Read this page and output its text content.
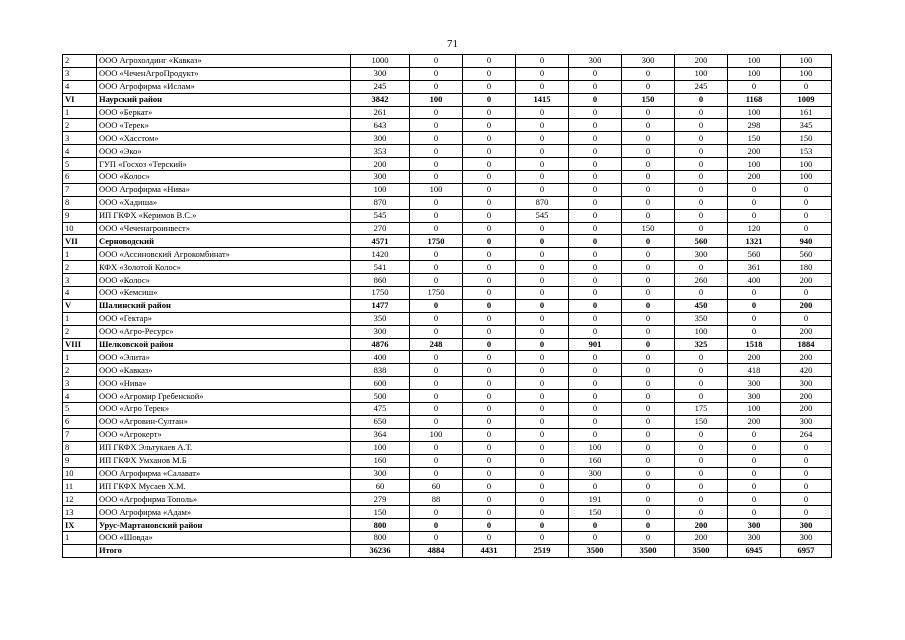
71
2	ООО Агрохолдинг «Кавказ»	1000	0	0	0	300	300	200	100	100
3	ООО «ЧеченАгроПродукт»	300	0	0	0	0	0	100	100	100
4	ООО Агрофирма «Ислам»	245	0	0	0	0	0	245	0	0
VI	Наурский район	3842	100	0	1415	0	150	0	1168	1009
1	ООО «Беркат»	261	0	0	0	0	0	0	100	161
2	ООО «Терек»	643	0	0	0	0	0	0	298	345
3	ООО «Хасстом»	300	0	0	0	0	0	0	150	150
4	ООО «Эко»	353	0	0	0	0	0	0	200	153
5	ГУП «Госхоз «Терский»	200	0	0	0	0	0	0	100	100
6	ООО «Колос»	300	0	0	0	0	0	0	200	100
7	ООО Агрофирма «Нива»	100	100	0	0	0	0	0	0	0
8	ООО «Хадиша»	870	0	0	870	0	0	0	0	0
9	ИП ГКФХ «Керимов В.С.»	545	0	0	545	0	0	0	0	0
10	ООО «Чеченагроинвест»	270	0	0	0	0	150	0	120	0
VII	Серноводский	4571	1750	0	0	0	0	560	1321	940
1	ООО «Ассиновский Агрокомбинат»	1420	0	0	0	0	0	300	560	560
2	КФХ «Золотой Колос»	541	0	0	0	0	0	0	361	180
3	ООО «Колос»	860	0	0	0	0	0	260	400	200
4	ООО «Кемсиш»	1750	1750	0	0	0	0	0	0	0
V	Шалинский район	1477	0	0	0	0	0	450	0	200
1	ООО «Гектар»	350	0	0	0	0	0	350	0	0
2	ООО «Агро-Ресурс»	300	0	0	0	0	0	100	0	200
VIII	Шелковской район	4876	248	0	0	901	0	325	1518	1884
1	ООО «Элита»	400	0	0	0	0	0	0	200	200
2	ООО «Кавказ»	838	0	0	0	0	0	0	418	420
3	ООО «Нива»	600	0	0	0	0	0	0	300	300
4	ООО «Агромир Гребенской»	500	0	0	0	0	0	0	300	200
5	ООО «Агро Терек»	475	0	0	0	0	0	175	100	200
6	ООО «Агровин-Султан»	650	0	0	0	0	0	150	200	300
7	ООО «Агрокерт»	364	100	0	0	0	0	0	0	264
8	ИП ГКФХ Эльтукаев А.Т.	100	0	0	0	100	0	0	0	0
9	ИП ГКФХ Умханов М.Б	160	0	0	0	160	0	0	0	0
10	ООО Агрофирма «Салават»	300	0	0	0	300	0	0	0	0
11	ИП ГКФХ Мусаев Х.М.	60	60	0	0	0	0	0	0	0
12	ООО «Агрофирма Тополь»	279	88	0	0	191	0	0	0	0
13	ООО Агрофирма «Адам»	150	0	0	0	150	0	0	0	0
IX	Урус-Мартановский район	800	0	0	0	0	0	200	300	300
1	ООО «Шовда»	800	0	0	0	0	0	200	300	300
	Итого	36236	4884	4431	2519	3500	3500	3500	6945	6957
